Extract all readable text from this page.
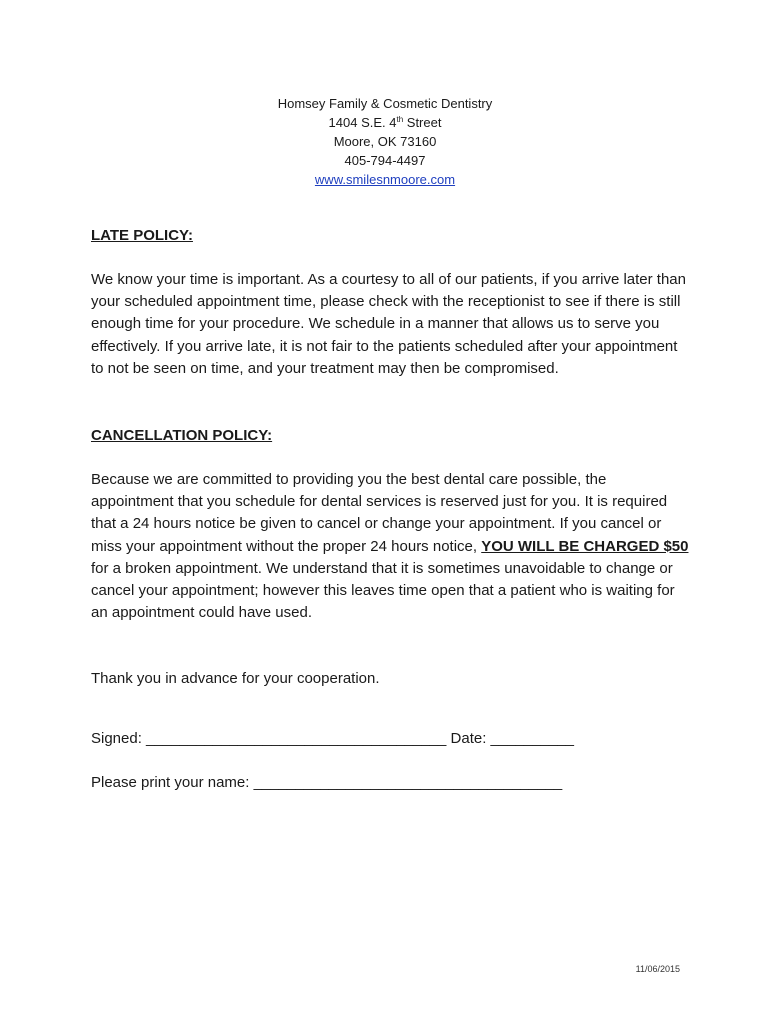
Homsey Family & Cosmetic Dentistry
1404 S.E. 4th Street
Moore, OK 73160
405-794-4497
www.smilesnmoore.com

LATE POLICY:

We know your time is important. As a courtesy to all of our patients, if you arrive later than your scheduled appointment time, please check with the receptionist to see if there is still enough time for your procedure. We schedule in a manner that allows us to serve you effectively. If you arrive late, it is not fair to the patients scheduled after your appointment to not be seen on time, and your treatment may then be compromised.

CANCELLATION POLICY:

Because we are committed to providing you the best dental care possible, the appointment that you schedule for dental services is reserved just for you. It is required that a 24 hours notice be given to cancel or change your appointment. If you cancel or miss your appointment without the proper 24 hours notice, YOU WILL BE CHARGED $50 for a broken appointment. We understand that it is sometimes unavoidable to change or cancel your appointment; however this leaves time open that a patient who is waiting for an appointment could have used.

Thank you in advance for your cooperation.

Signed: ____________________________________ Date: __________

Please print your name: _____________________________________

11/06/2015
